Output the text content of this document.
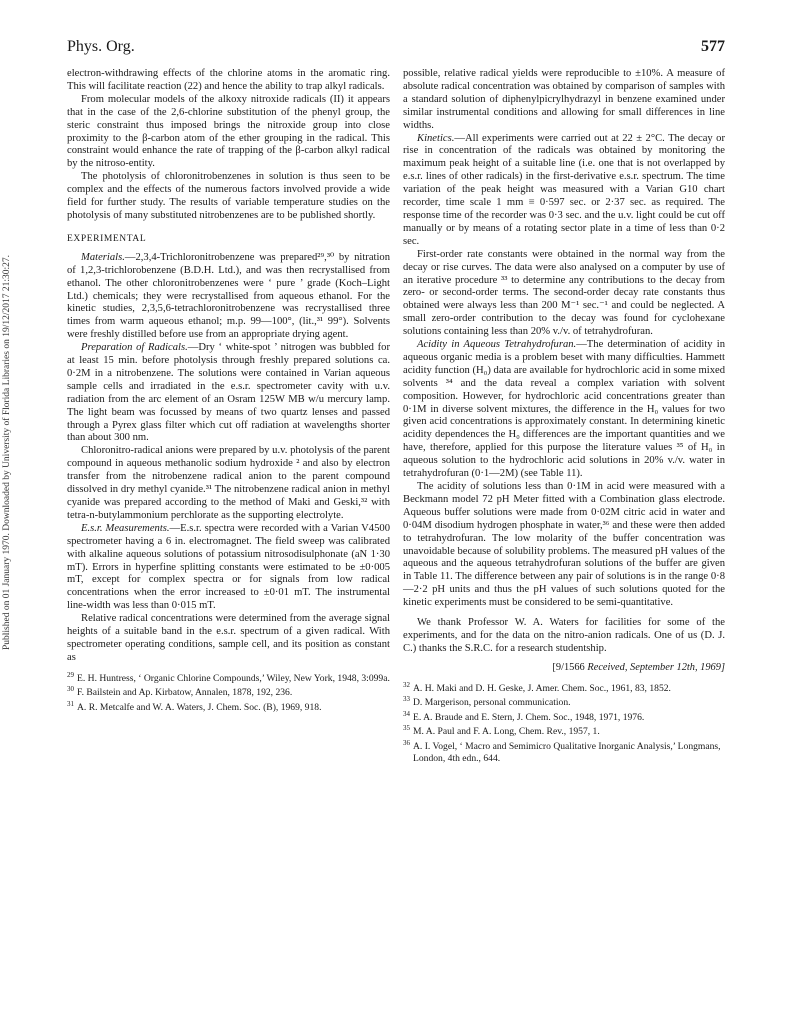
Phys. Org.	577
Published on 01 January 1970. Downloaded by University of Florida Libraries on 19/12/2017 21:30:27.

electron-withdrawing effects of the chlorine atoms in the aromatic ring. This will facilitate reaction (22) and hence the ability to trap alkyl radicals.

From molecular models of the alkoxy nitroxide radicals (II) it appears that in the case of the 2,6-chlorine substitution of the phenyl group, the steric constraint thus imposed brings the nitroxide group into close proximity to the β-carbon atom of the ether grouping in the radical. This constraint would enhance the rate of trapping of the β-carbon alkyl radical by the nitroso-entity.

The photolysis of chloronitrobenzenes in solution is thus seen to be complex and the effects of the numerous factors involved provide a wide field for further study. The results of variable temperature studies on the photolysis of many substituted nitrobenzenes are to be published shortly.

EXPERIMENTAL

Materials.—2,3,4-Trichloronitrobenzene was prepared²⁹,³⁰ by nitration of 1,2,3-trichlorobenzene (B.D.H. Ltd.), and was then recrystallised from ethanol. The other chloronitrobenzenes were ‘ pure ’ grade (Koch–Light Ltd.) chemicals; they were recrystallised from aqueous ethanol. For the kinetic studies, 2,3,5,6-tetrachloronitrobenzene was recrystallised three times from warm aqueous ethanol; m.p. 99—100°, (lit.,³¹ 99°). Solvents were freshly distilled before use from an appropriate drying agent.

Preparation of Radicals.—Dry ‘ white-spot ’ nitrogen was bubbled for at least 15 min. before photolysis through freshly prepared solutions ca. 0·2M in a nitrobenzene. The solutions were contained in Varian aqueous sample cells and irradiated in the e.s.r. spectrometer cavity with u.v. radiation from the arc element of an Osram 125W MB w/u mercury lamp. The light beam was focussed by means of two quartz lenses and passed through a Pyrex glass filter which cut off radiation at wavelengths shorter than about 300 nm.

Chloronitro-radical anions were prepared by u.v. photolysis of the parent compound in aqueous methanolic sodium hydroxide ² and also by electron transfer from the nitrobenzene radical anion to the parent compound dissolved in dry methyl cyanide.³¹ The nitrobenzene radical anion in methyl cyanide was prepared according to the method of Maki and Geski,³² with tetra-n-butylammonium perchlorate as the supporting electrolyte.

E.s.r. Measurements.—E.s.r. spectra were recorded with a Varian V4500 spectrometer having a 6 in. electromagnet. The field sweep was calibrated with alkaline aqueous solutions of potassium nitrosodisulphonate (aN 1·30 mT). Errors in hyperfine splitting constants were estimated to be ±0·005 mT, except for complex spectra or for signals from low radical concentrations when the error increased to ±0·01 mT. The instrumental line-width was less than 0·015 mT.

Relative radical concentrations were determined from the average signal heights of a suitable band in the e.s.r. spectrum of a given radical. With spectrometer operating conditions, sample cell, and its position as constant as

29 E. H. Huntress, ‘ Organic Chlorine Compounds,’ Wiley, New York, 1948, 3:099a.

30 F. Bailstein and Ap. Kirbatow, Annalen, 1878, 192, 236.

31 A. R. Metcalfe and W. A. Waters, J. Chem. Soc. (B), 1969, 918.

possible, relative radical yields were reproducible to ±10%. A measure of absolute radical concentration was obtained by comparison of samples with a standard solution of diphenylpicrylhydrazyl in benzene examined under similar instrumental conditions and allowing for small differences in line widths.

Kinetics.—All experiments were carried out at 22 ± 2°C. The decay or rise in concentration of the radicals was obtained by monitoring the maximum peak height of a suitable line (i.e. one that is not overlapped by e.s.r. lines of other radicals) in the first-derivative e.s.r. spectrum. The time variation of the peak height was measured with a Varian G10 chart recorder, time scale 1 mm ≡ 0·597 sec. or 2·37 sec. as required. The response time of the recorder was 0·3 sec. and the u.v. light could be cut off manually or by means of a rotating sector plate in a time of less than 0·2 sec.

First-order rate constants were obtained in the normal way from the decay or rise curves. The data were also analysed on a computer by use of an iterative procedure ³³ to determine any contributions to the decay from zero- or second-order terms. The second-order decay rate constants thus obtained were always less than 200 M⁻¹ sec.⁻¹ and could be neglected. A small zero-order contribution to the decay was found for cyclohexane solutions containing less than 20% v./v. of tetrahydrofuran.

Acidity in Aqueous Tetrahydrofuran.—The determination of acidity in aqueous organic media is a problem beset with many difficulties. Hammett acidity function (H₀) data are available for hydrochloric acid in some mixed solvents ³⁴ and the data reveal a complex variation with solvent composition. However, for hydrochloric acid concentrations greater than 0·1M in diverse solvent mixtures, the difference in the H₀ values for two given acid concentrations is approximately constant. In determining kinetic acidity dependences the H₀ differences are the important quantities and we have, therefore, applied for this purpose the literature values ³⁵ of H₀ in aqueous solution to the hydrochloric acid solutions in 20% v./v. water in tetrahydrofuran (0·1—2M) (see Table 11).

The acidity of solutions less than 0·1M in acid were measured with a Beckmann model 72 pH Meter fitted with a Combination glass electrode. Aqueous buffer solutions were made from 0·02M citric acid in water and 0·04M disodium hydrogen phosphate in water,³⁶ and these were then added to tetrahydrofuran. The low molarity of the buffer concentration was unavoidable because of solubility problems. The measured pH values of the aqueous and the aqueous tetrahydrofuran solutions of the buffer are given in Table 11. The difference between any pair of solutions is in the range 0·8—2·2 pH units and thus the pH values of such solutions quoted for the kinetic experiments must be considered to be semi-quantitative.

We thank Professor W. A. Waters for facilities for some of the experiments, and for the data on the nitro-anion radicals. One of us (D. J. C.) thanks the S.R.C. for a research studentship.

[9/1566 Received, September 12th, 1969]

32 A. H. Maki and D. H. Geske, J. Amer. Chem. Soc., 1961, 83, 1852.

33 D. Margerison, personal communication.

34 E. A. Braude and E. Stern, J. Chem. Soc., 1948, 1971, 1976.

35 M. A. Paul and F. A. Long, Chem. Rev., 1957, 1.

36 A. I. Vogel, ‘ Macro and Semimicro Qualitative Inorganic Analysis,’ Longmans, London, 4th edn., 644.
